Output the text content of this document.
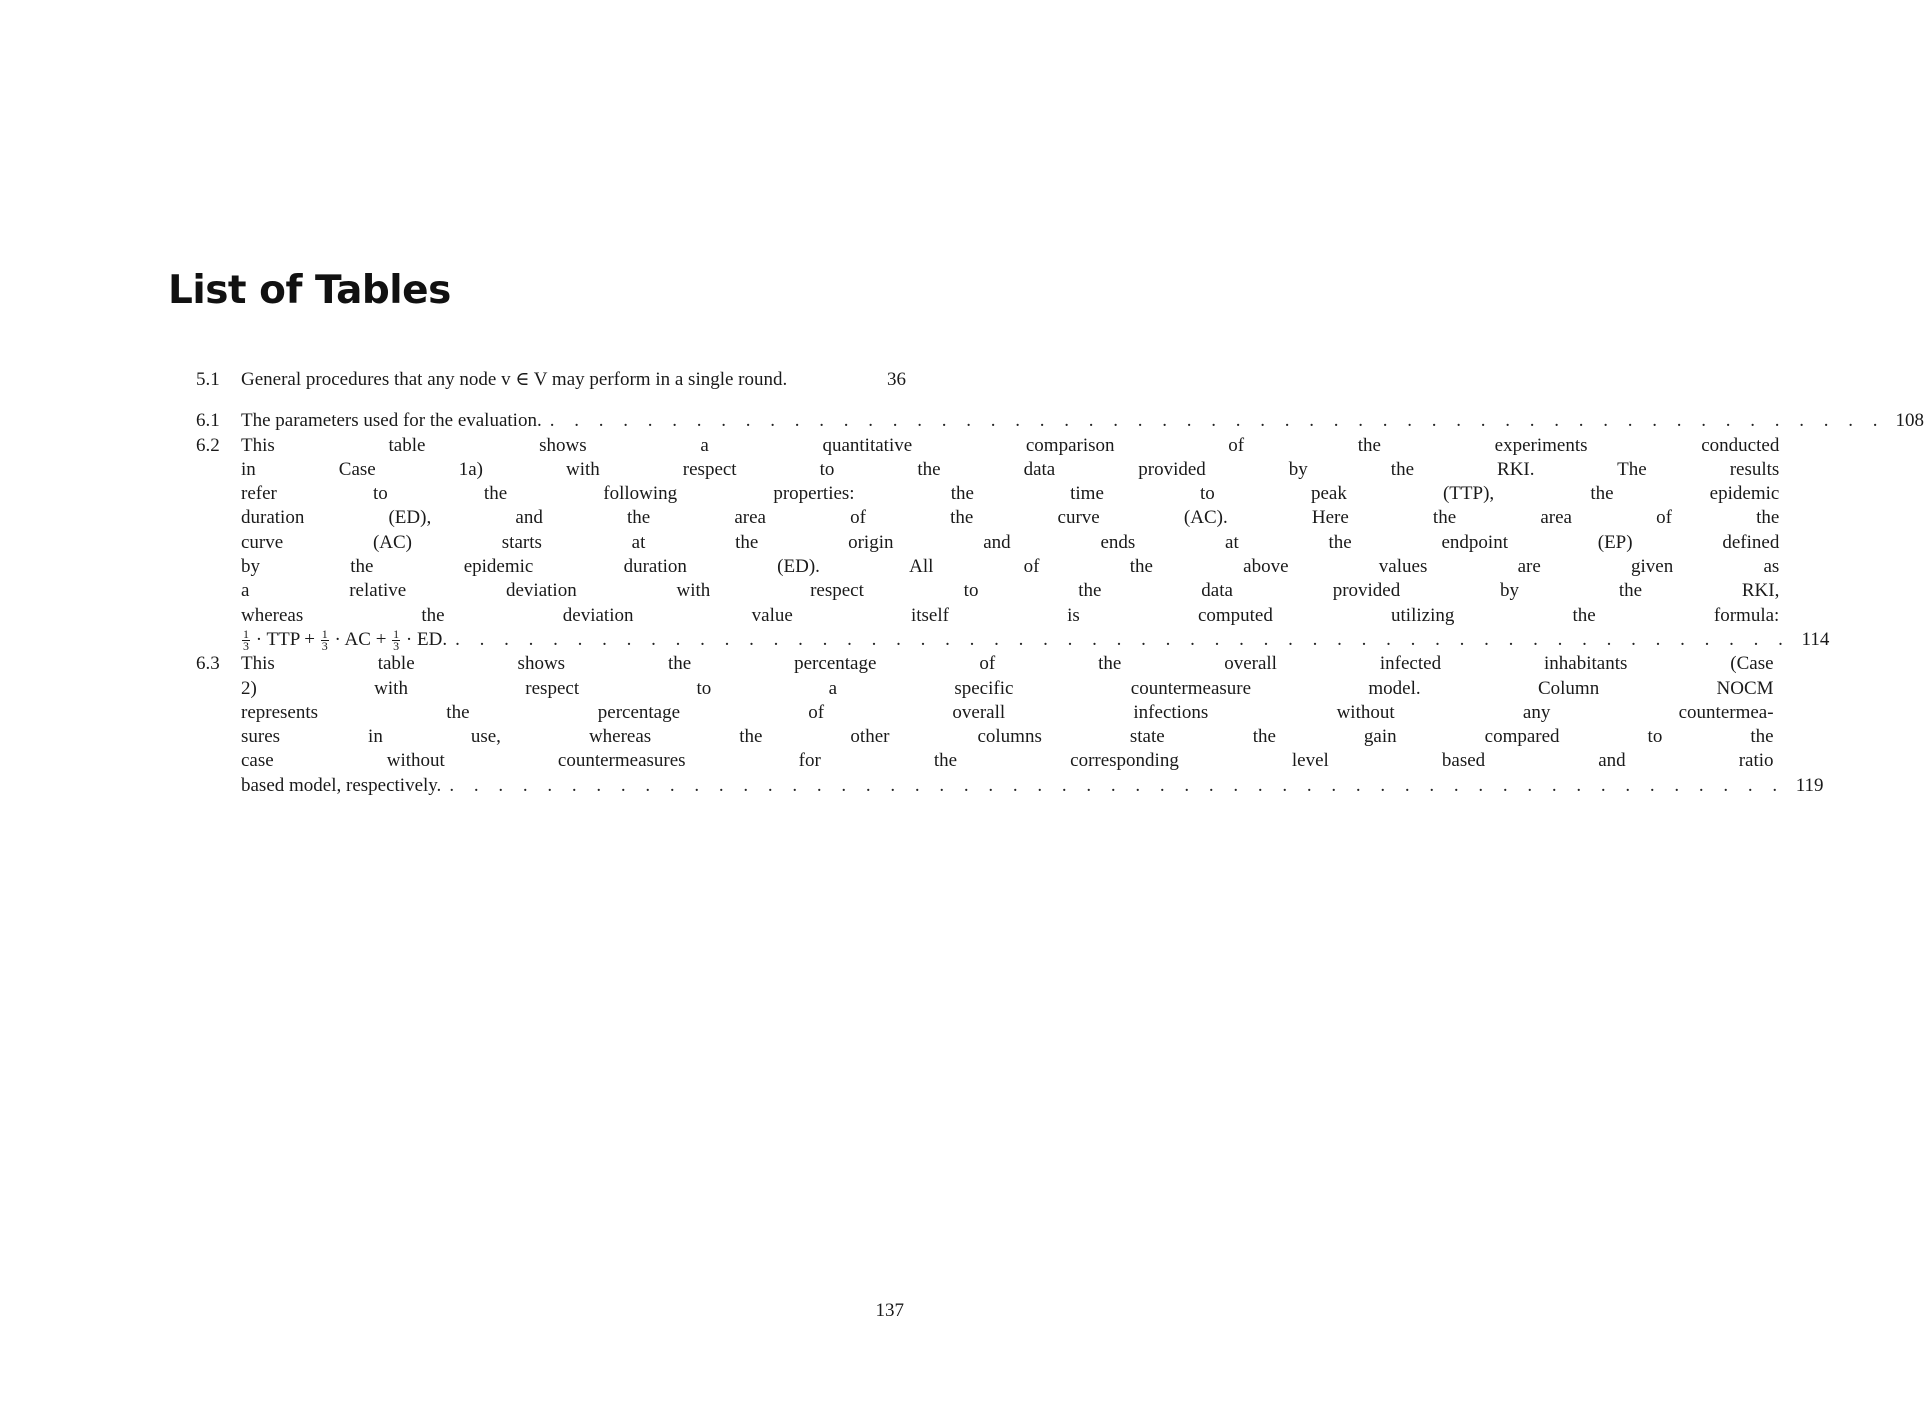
List of Tables
5.1	General procedures that any node v ∈ V may perform in a single round.	36
6.1	The parameters used for the evaluation. . . . . . . . . . . . . . . . . . . . . . . . . . . . . . . . . . . . . . . . . . . . . . . . . . . . . . . . 108
6.2	This table shows a quantitative comparison of the experiments conducted
in Case 1a) with respect to the data provided by the RKI. The results
refer to the following properties: the time to peak (TTP), the epidemic
duration (ED), and the area of the curve (AC). Here the area of the
curve (AC) starts at the origin and ends at the endpoint (EP) defined
by the epidemic duration (ED). All of the above values are given as
a relative deviation with respect to the data provided by the RKI,
whereas the deviation value itself is computed utilizing the formula:
$\frac{1}{3}$ · TTP + $\frac{1}{3}$ · AC + $\frac{1}{3}$ · ED. . . . . . . . . . . . . . . . . . . . . . . . . . . . . . . . . . . . . . . . . . . . . . . . . . . . . . . . 114
6.3	This table shows the percentage of the overall infected inhabitants (Case
2) with respect to a specific countermeasure model. Column NOCM
represents the percentage of overall infections without any countermea-
sures in use, whereas the other columns state the gain compared to the
case without countermeasures for the corresponding level based and ratio
based model, respectively. . . . . . . . . . . . . . . . . . . . . . . . . . . . . . . . . . . . . . . . . . . . . . . . . . . . . . . . 119
137
